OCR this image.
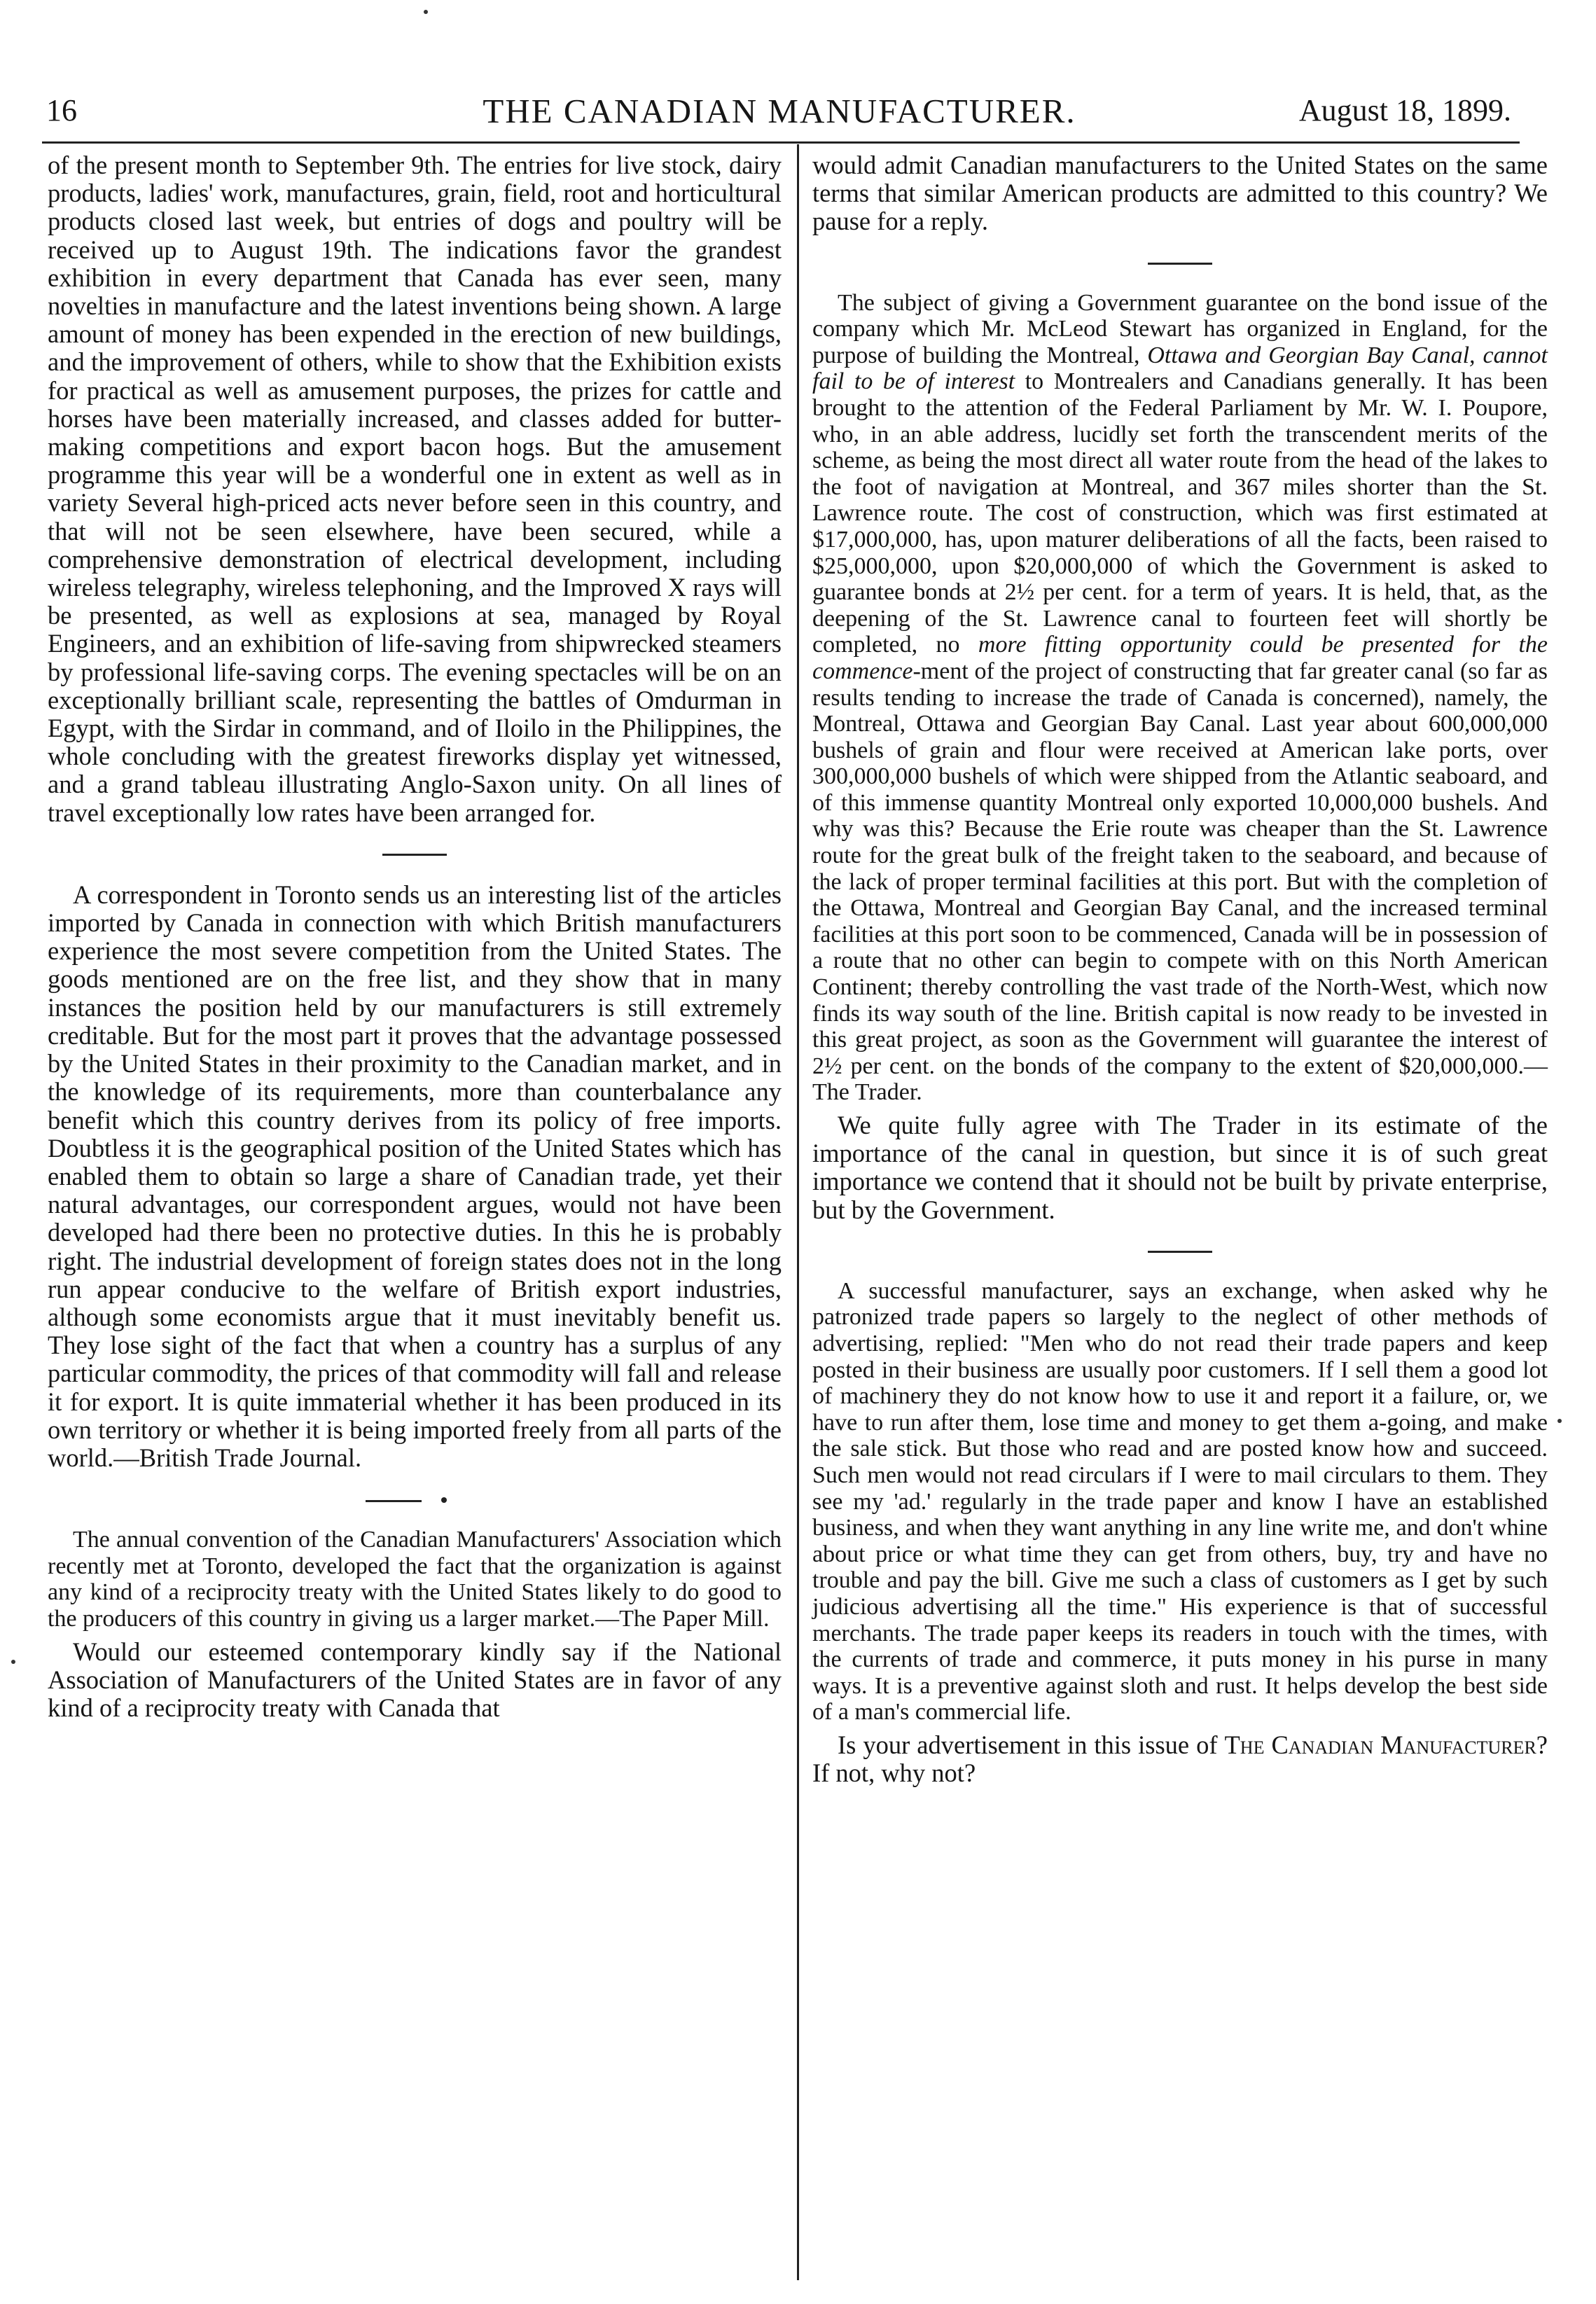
16	THE CANADIAN MANUFACTURER.	August 18, 1899.

of the present month to September 9th. The entries for live stock, dairy products, ladies' work, manufactures, grain, field, root and horticultural products closed last week, but entries of dogs and poultry will be received up to August 19th. The indications favor the grandest exhibition in every department that Canada has ever seen, many novelties in manufacture and the latest inventions being shown. A large amount of money has been expended in the erection of new buildings, and the improvement of others, while to show that the Exhibition exists for practical as well as amusement purposes, the prizes for cattle and horses have been materially increased, and classes added for butter-making competitions and export bacon hogs. But the amusement programme this year will be a wonderful one in extent as well as in variety Several high-priced acts never before seen in this country, and that will not be seen elsewhere, have been secured, while a comprehensive demonstration of electrical development, including wireless telegraphy, wireless telephoning, and the Improved X rays will be presented, as well as explosions at sea, managed by Royal Engineers, and an exhibition of life-saving from shipwrecked steamers by professional life-saving corps. The evening spectacles will be on an exceptionally brilliant scale, representing the battles of Omdurman in Egypt, with the Sirdar in command, and of Iloilo in the Philippines, the whole concluding with the greatest fireworks display yet witnessed, and a grand tableau illustrating Anglo-Saxon unity. On all lines of travel exceptionally low rates have been arranged for.

A correspondent in Toronto sends us an interesting list of the articles imported by Canada in connection with which British manufacturers experience the most severe competition from the United States. The goods mentioned are on the free list, and they show that in many instances the position held by our manufacturers is still extremely creditable. But for the most part it proves that the advantage possessed by the United States in their proximity to the Canadian market, and in the knowledge of its requirements, more than counterbalance any benefit which this country derives from its policy of free imports. Doubtless it is the geographical position of the United States which has enabled them to obtain so large a share of Canadian trade, yet their natural advantages, our correspondent argues, would not have been developed had there been no protective duties. In this he is probably right. The industrial development of foreign states does not in the long run appear conducive to the welfare of British export industries, although some economists argue that it must inevitably benefit us. They lose sight of the fact that when a country has a surplus of any particular commodity, the prices of that commodity will fall and release it for export. It is quite immaterial whether it has been produced in its own territory or whether it is being imported freely from all parts of the world.—British Trade Journal.

The annual convention of the Canadian Manufacturers' Association which recently met at Toronto, developed the fact that the organization is against any kind of a reciprocity treaty with the United States likely to do good to the producers of this country in giving us a larger market.—The Paper Mill.

Would our esteemed contemporary kindly say if the National Association of Manufacturers of the United States are in favor of any kind of a reciprocity treaty with Canada that

would admit Canadian manufacturers to the United States on the same terms that similar American products are admitted to this country? We pause for a reply.

The subject of giving a Government guarantee on the bond issue of the company which Mr. McLeod Stewart has organized in England, for the purpose of building the Montreal, Ottawa and Georgian Bay Canal, cannot fail to be of interest to Montrealers and Canadians generally. It has been brought to the attention of the Federal Parliament by Mr. W. I. Poupore, who, in an able address, lucidly set forth the transcendent merits of the scheme, as being the most direct all water route from the head of the lakes to the foot of navigation at Montreal, and 367 miles shorter than the St. Lawrence route. The cost of construction, which was first estimated at $17,000,000, has, upon maturer deliberations of all the facts, been raised to $25,000,000, upon $20,000,000 of which the Government is asked to guarantee bonds at 2½ per cent. for a term of years. It is held, that, as the deepening of the St. Lawrence canal to fourteen feet will shortly be completed, no more fitting opportunity could be presented for the commence-ment of the project of constructing that far greater canal (so far as results tending to increase the trade of Canada is concerned), namely, the Montreal, Ottawa and Georgian Bay Canal. Last year about 600,000,000 bushels of grain and flour were received at American lake ports, over 300,000,000 bushels of which were shipped from the Atlantic seaboard, and of this immense quantity Montreal only exported 10,000,000 bushels. And why was this? Because the Erie route was cheaper than the St. Lawrence route for the great bulk of the freight taken to the seaboard, and because of the lack of proper terminal facilities at this port. But with the completion of the Ottawa, Montreal and Georgian Bay Canal, and the increased terminal facilities at this port soon to be commenced, Canada will be in possession of a route that no other can begin to compete with on this North American Continent; thereby controlling the vast trade of the North-West, which now finds its way south of the line. British capital is now ready to be invested in this great project, as soon as the Government will guarantee the interest of 2½ per cent. on the bonds of the company to the extent of $20,000,000.—The Trader.

We quite fully agree with The Trader in its estimate of the importance of the canal in question, but since it is of such great importance we contend that it should not be built by private enterprise, but by the Government.

A successful manufacturer, says an exchange, when asked why he patronized trade papers so largely to the neglect of other methods of advertising, replied: "Men who do not read their trade papers and keep posted in their business are usually poor customers. If I sell them a good lot of machinery they do not know how to use it and report it a failure, or, we have to run after them, lose time and money to get them a-going, and make the sale stick. But those who read and are posted know how and succeed. Such men would not read circulars if I were to mail circulars to them. They see my 'ad.' regularly in the trade paper and know I have an established business, and when they want anything in any line write me, and don't whine about price or what time they can get from others, buy, try and have no trouble and pay the bill. Give me such a class of customers as I get by such judicious advertising all the time." His experience is that of successful merchants. The trade paper keeps its readers in touch with the times, with the currents of trade and commerce, it puts money in his purse in many ways. It is a preventive against sloth and rust. It helps develop the best side of a man's commercial life.

Is your advertisement in this issue of The Canadian Manufacturer? If not, why not?
